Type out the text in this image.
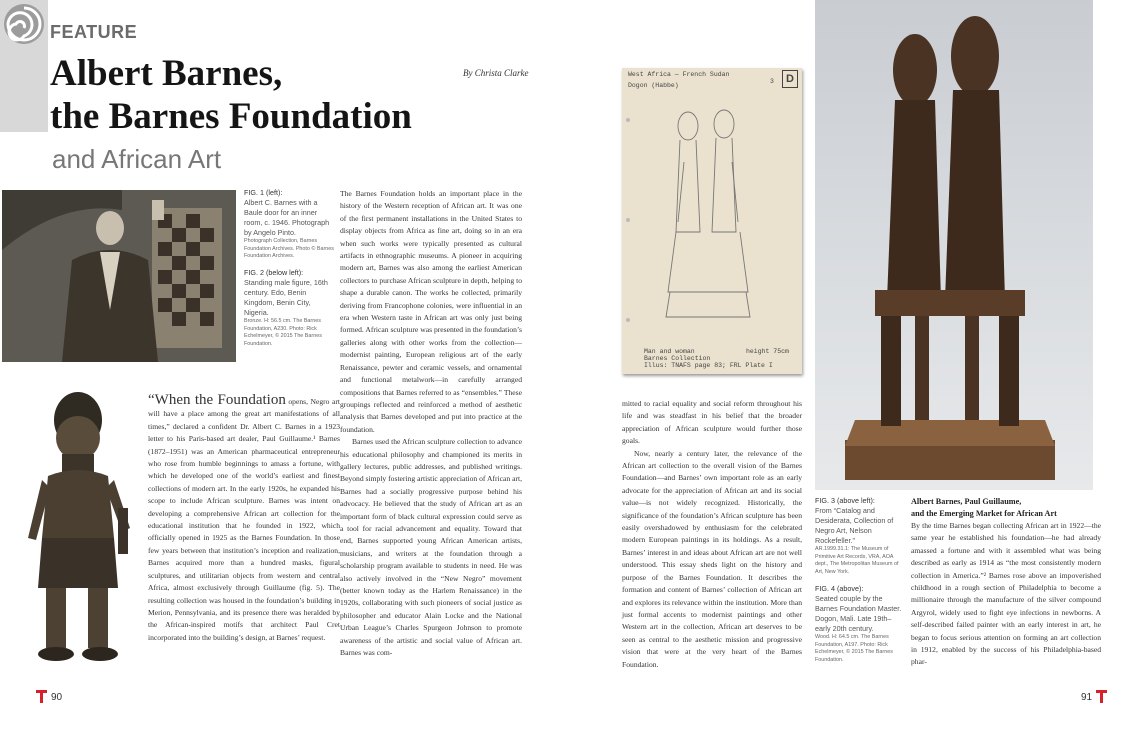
FEATURE
Albert Barnes,
the Barnes Foundation
and African Art
By Christa Clarke
FIG. 1 (left):
Albert C. Barnes with a Baule door for an inner room, c. 1946. Photograph by Angelo Pinto.
Photograph Collection, Barnes Foundation Archives. Photo © Barnes Foundation Archives.
FIG. 2 (below left):
Standing male figure, 16th century. Edo, Benin Kingdom, Benin City, Nigeria.
Bronze. H: 56.5 cm. The Barnes Foundation, A230. Photo: Rick Echelmeyer, © 2015 The Barnes Foundation.

“When the Foundation opens, Negro art will have a place among the great art manifestations of all times,” declared a confident Dr. Albert C. Barnes in a 1923 letter to his Paris-based art dealer, Paul Guillaume.¹ Barnes (1872–1951) was an American pharmaceutical entrepreneur who rose from humble beginnings to amass a fortune, with which he developed one of the world’s earliest and finest collections of modern art. In the early 1920s, he expanded his scope to include African sculpture. Barnes was intent on developing a comprehensive African art collection for the educational institution that he founded in 1922, which officially opened in 1925 as the Barnes Foundation. In those few years between that institution’s inception and realization, Barnes acquired more than a hundred masks, figural sculptures, and utilitarian objects from western and central Africa, almost exclusively through Guillaume (fig. 5). The resulting collection was housed in the foundation’s building in Merion, Pennsylvania, and its presence there was heralded by the African-inspired motifs that architect Paul Cret incorporated into the building’s design, at Barnes’ request.

The Barnes Foundation holds an important place in the history of the Western reception of African art. It was one of the first permanent installations in the United States to display objects from Africa as fine art, doing so in an era when such works were typically presented as cultural artifacts in ethnographic museums. A pioneer in acquiring modern art, Barnes was also among the earliest American collectors to purchase African sculpture in depth, helping to shape a durable canon. The works he collected, primarily deriving from Francophone colonies, were influential in an era when Western taste in African art was only just being formed. African sculpture was presented in the foundation’s galleries along with other works from the collection—modernist painting, European religious art of the early Renaissance, pewter and ceramic vessels, and ornamental and functional metalwork—in carefully arranged compositions that Barnes referred to as “ensembles.” These groupings reflected and reinforced a method of aesthetic analysis that Barnes developed and put into practice at the foundation.

Barnes used the African sculpture collection to advance his educational philosophy and championed its merits in gallery lectures, public addresses, and published writings. Beyond simply fostering artistic appreciation of African art, Barnes had a socially progressive purpose behind his advocacy. He believed that the study of African art as an important form of black cultural expression could serve as a tool for racial advancement and equality. Toward that end, Barnes supported young African American artists, musicians, and writers at the foundation through a scholarship program available to students in need. He was also actively involved in the “New Negro” movement (better known today as the Harlem Renaissance) in the 1920s, collaborating with such pioneers of social justice as philosopher and educator Alain Locke and the National Urban League’s Charles Spurgeon Johnson to promote awareness of the artistic and social value of African art. Barnes was com-

West Africa — French Sudan
Dogon (Habbe)
3	D
Man and woman
Barnes Collection
Illus: TNAFS page 83; FRL Plate I
height 75cm

mitted to racial equality and social reform throughout his life and was steadfast in his belief that the broader appreciation of African sculpture would further those goals.

Now, nearly a century later, the relevance of the African art collection to the overall vision of the Barnes Foundation—and Barnes’ own important role as an early advocate for the appreciation of African art and its social value—is not widely recognized. Historically, the significance of the foundation’s African sculpture has been easily overshadowed by enthusiasm for the celebrated modern European paintings in its holdings. As a result, Barnes’ interest in and ideas about African art are not well understood. This essay sheds light on the history and purpose of the Barnes Foundation. It describes the formation and content of Barnes’ collection of African art and explores its relevance within the institution. More than just formal accents to modernist paintings and other Western art in the collection, African art deserves to be seen as central to the aesthetic mission and progressive vision that were at the very heart of the Barnes Foundation.

FIG. 3 (above left):
From “Catalog and Desiderata, Collection of Negro Art, Nelson Rockefeller.”
AR.1999.31.1: The Museum of Primitive Art Records, VRA, AOA dept., The Metropolitan Museum of Art, New York.
FIG. 4 (above):
Seated couple by the Barnes Foundation Master. Dogon, Mali. Late 19th–early 20th century.
Wood. H: 64.5 cm. The Barnes Foundation, A197. Photo: Rick Echelmeyer, © 2015 The Barnes Foundation.
Albert Barnes, Paul Guillaume,
and the Emerging Market for African Art
By the time Barnes began collecting African art in 1922—the same year he established his foundation—he had already amassed a fortune and with it assembled what was being described as early as 1914 as “the most consistently modern collection in America.”² Barnes rose above an impoverished childhood in a rough section of Philadelphia to become a millionaire through the manufacture of the silver compound Argyrol, widely used to fight eye infections in newborns. A self-described failed painter with an early interest in art, he began to focus serious attention on forming an art collection in 1912, enabled by the success of his Philadelphia-based phar-
90	91
